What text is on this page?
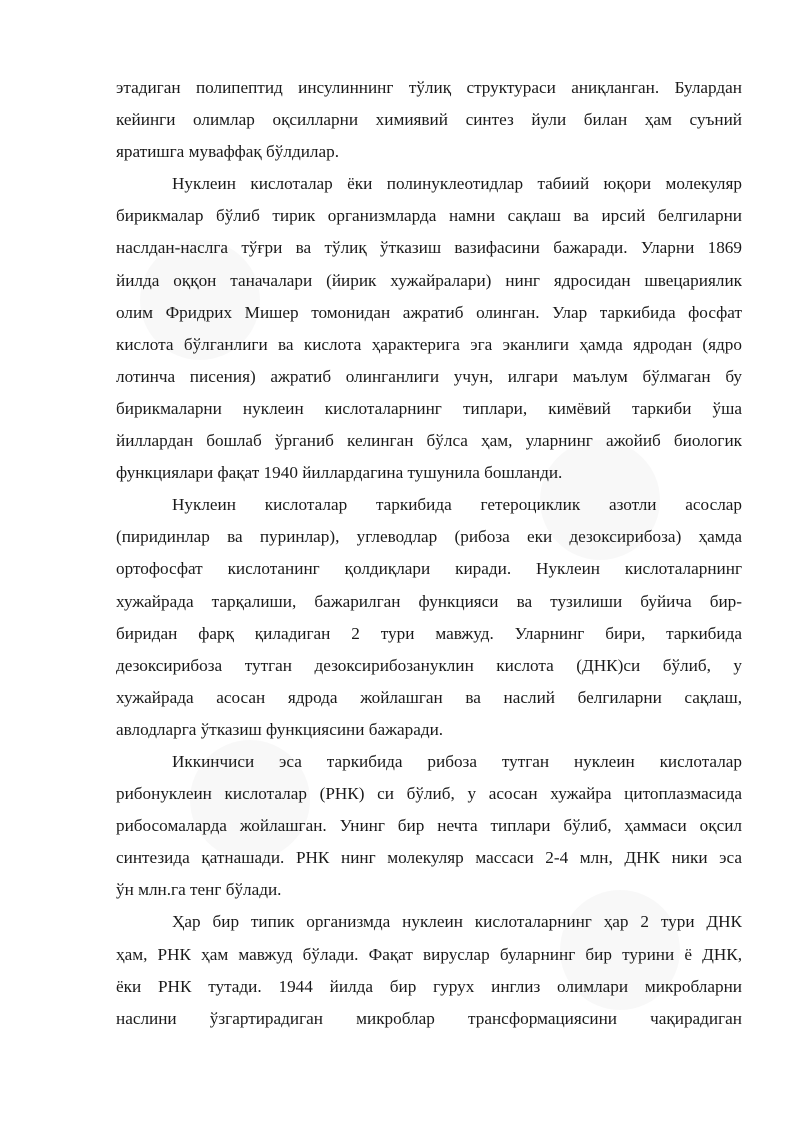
этадиган полипептид инсулиннинг тўлиқ структураси аниқланган. Булардан
кейинги олимлар оқсилларни химиявий синтез йули билан ҳам суъний
яратишга муваффақ бўлдилар.
Нуклеин кислоталар ёки полинуклеотидлар табиий юқори молекуляр
бирикмалар бўлиб тирик организмларда намни сақлаш ва ирсий белгиларни
наслдан-наслга тўғри ва тўлиқ ўтказиш вазифасини бажаради. Уларни 1869
йилда оққон таначалари (йирик хужайралари) нинг ядросидан швецариялик
олим Фридрих Мишер томонидан ажратиб олинган. Улар таркибида фосфат
кислота бўлганлиги ва кислота ҳарактерига эга эканлиги ҳамда ядродан (ядро
лотинча писения) ажратиб олинганлиги учун, илгари маълум бўлмаган бу
бирикмаларни нуклеин кислоталарнинг типлари, кимёвий таркиби ўша
йиллардан бошлаб ўрганиб келинган бўлса ҳам, уларнинг ажойиб биологик
функциялари фақат 1940 йиллардагина тушунила бошланди.
Нуклеин кислоталар таркибида гетероциклик азотли асослар
(пиридинлар ва пуринлар), углеводлар (рибоза еки дезоксирибоза) ҳамда
ортофосфат кислотанинг қолдиқлари киради. Нуклеин кислоталарнинг
хужайрада тарқалиши, бажарилган функцияси ва тузилиши буйича бир-
биридан фарқ қиладиган 2 тури мавжуд. Уларнинг бири, таркибида
дезоксирибоза тутган дезоксирибозануклин кислота (ДНК)си бўлиб, у
хужайрада асосан ядрода жойлашган ва наслий белгиларни сақлаш,
авлодларга ўтказиш функциясини бажаради.
Иккинчиси эса таркибида рибоза тутган нуклеин кислоталар
рибонуклеин кислоталар (РНК) си бўлиб, у асосан хужайра цитоплазмасида
рибосомаларда жойлашган. Унинг бир нечта типлари бўлиб, ҳаммаси оқсил
синтезида қатнашади. РНК нинг молекуляр массаси 2-4 млн, ДНК ники эса
ўн млн.га тенг бўлади.
Ҳар бир типик организмда нуклеин кислоталарнинг ҳар 2 тури ДНК
ҳам, РНК ҳам мавжуд бўлади. Фақат вируслар буларнинг бир турини ё ДНК,
ёки РНК тутади. 1944 йилда бир гурух инглиз олимлари микробларни
наслини ўзгартирадиган микроблар трансформациясини чақирадиган
